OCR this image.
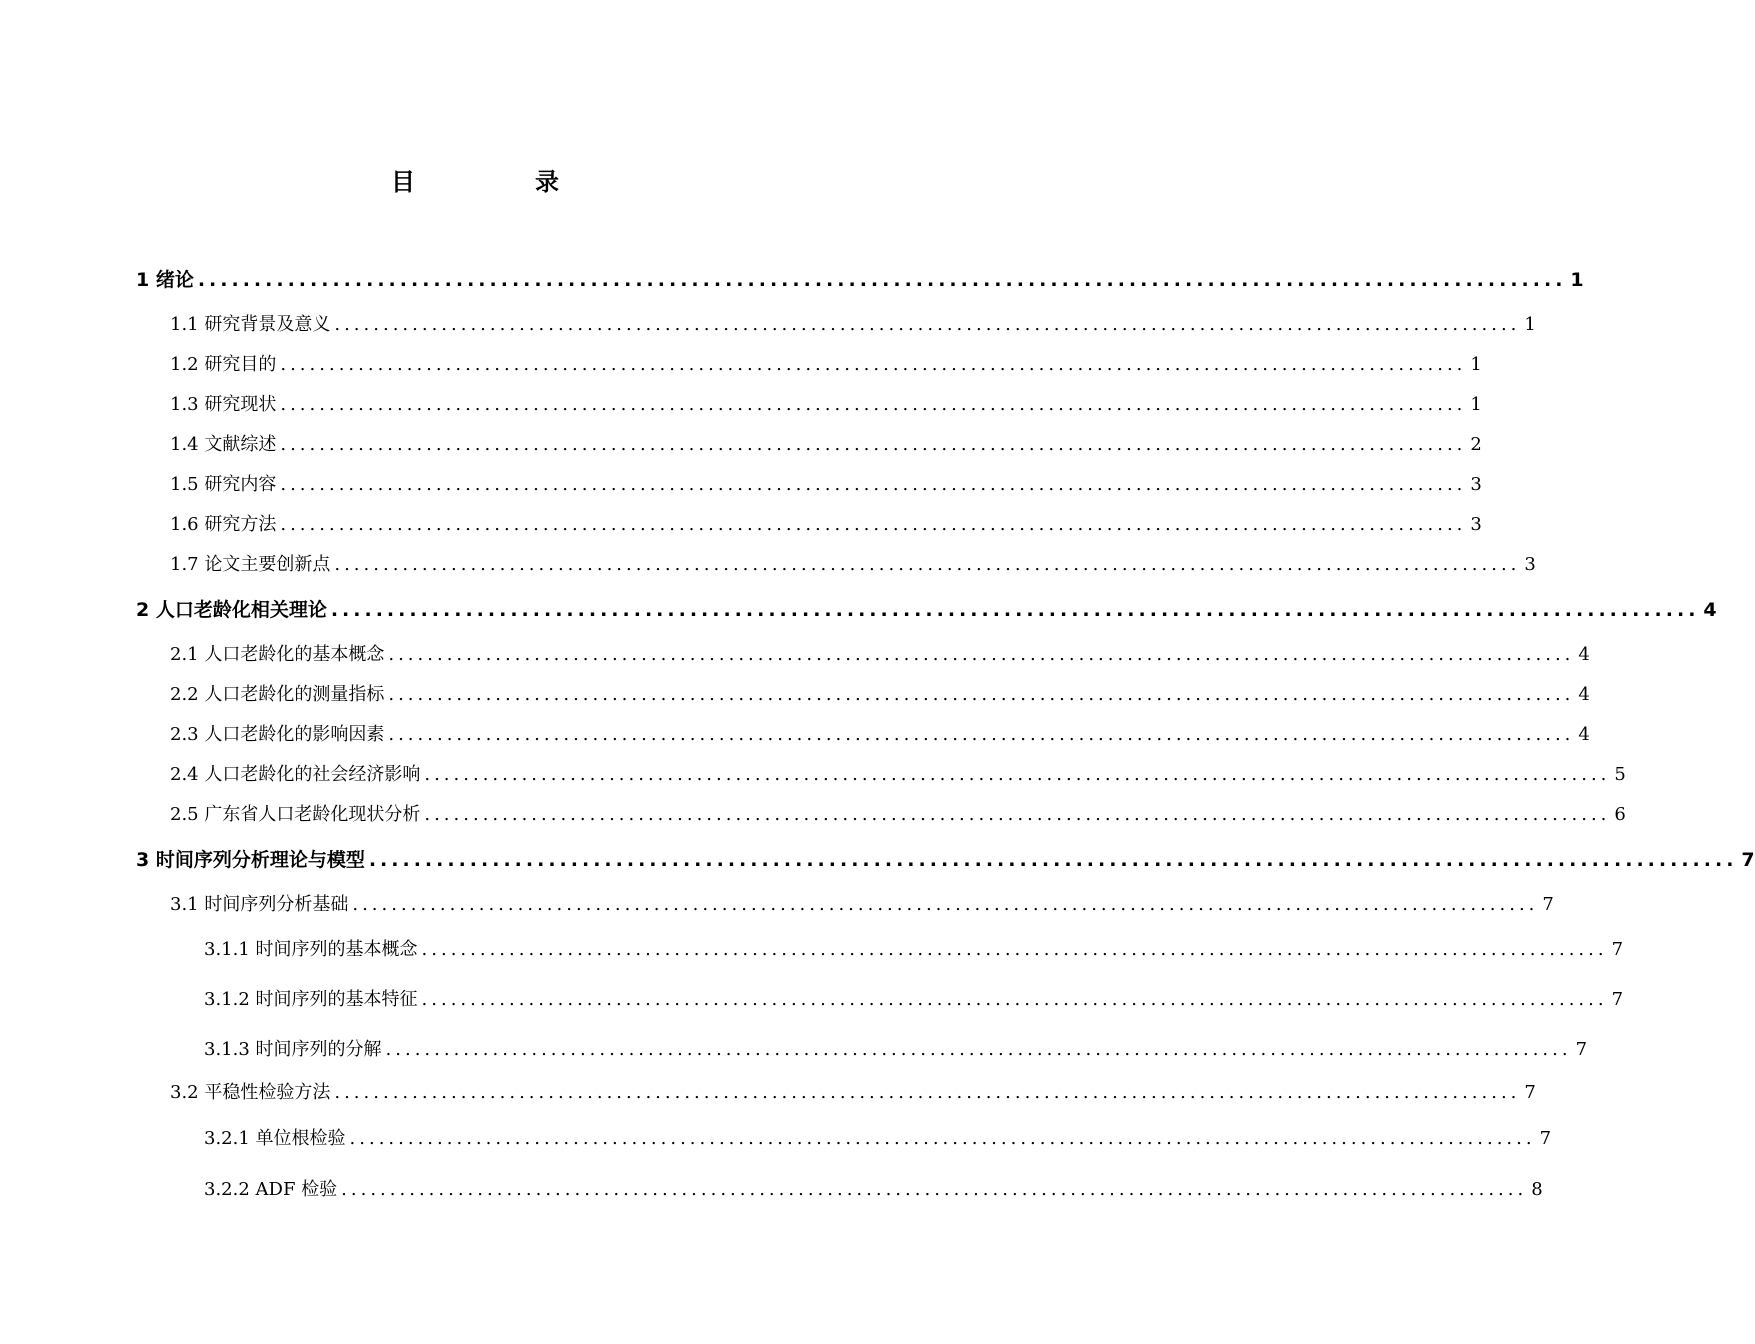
目　录
1 绪论 .......................................................................................................................... 1
1.1 研究背景及意义 .......................................................................................................................... 1
1.2 研究目的 .......................................................................................................................... 1
1.3 研究现状 .......................................................................................................................... 1
1.4 文献综述 .......................................................................................................................... 2
1.5 研究内容 .......................................................................................................................... 3
1.6 研究方法 .......................................................................................................................... 3
1.7 论文主要创新点 .......................................................................................................................... 3
2 人口老龄化相关理论 .......................................................................................................................... 4
2.1 人口老龄化的基本概念 .......................................................................................................................... 4
2.2 人口老龄化的测量指标 .......................................................................................................................... 4
2.3 人口老龄化的影响因素 .......................................................................................................................... 4
2.4 人口老龄化的社会经济影响 .......................................................................................................................... 5
2.5 广东省人口老龄化现状分析 .......................................................................................................................... 6
3 时间序列分析理论与模型 .......................................................................................................................... 7
3.1 时间序列分析基础 .......................................................................................................................... 7
3.1.1 时间序列的基本概念 .......................................................................................................................... 7
3.1.2 时间序列的基本特征 .......................................................................................................................... 7
3.1.3 时间序列的分解 .......................................................................................................................... 7
3.2 平稳性检验方法 .......................................................................................................................... 7
3.2.1 单位根检验 .......................................................................................................................... 7
3.2.2 ADF 检验 .......................................................................................................................... 8
